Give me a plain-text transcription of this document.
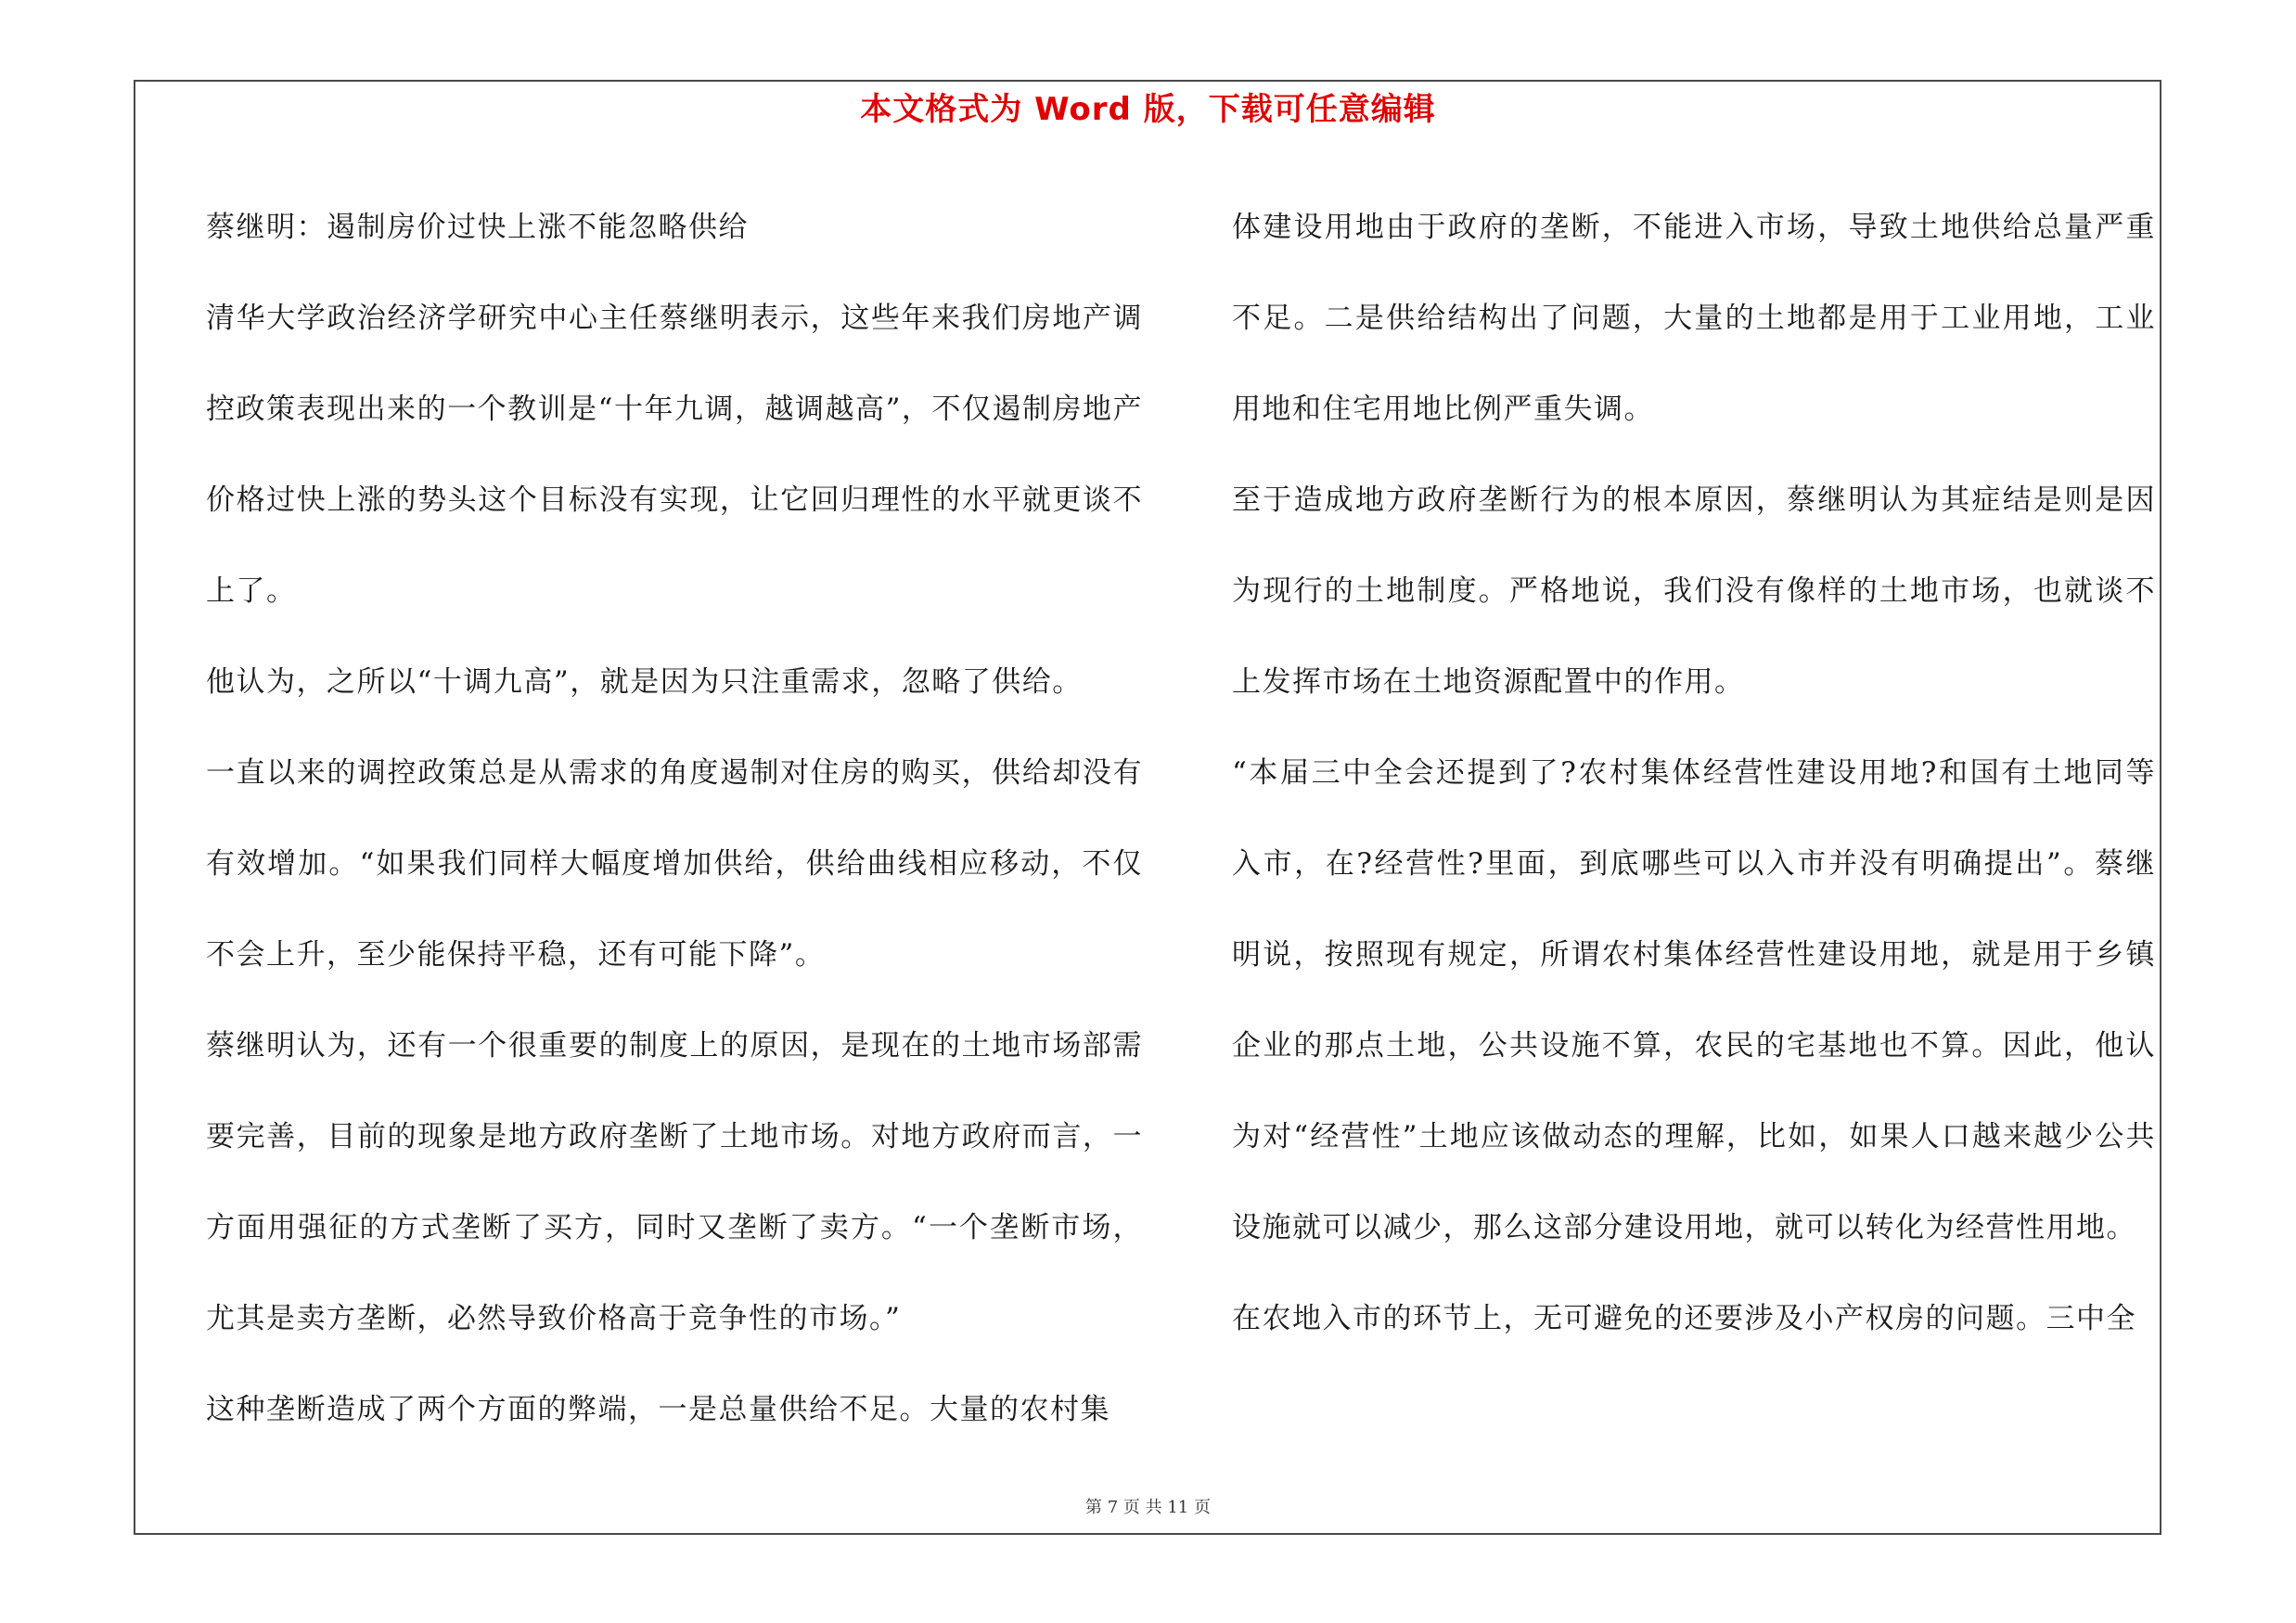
本文格式为 Word 版，下载可任意编辑

蔡继明：遏制房价过快上涨不能忽略供给

清华大学政治经济学研究中心主任蔡继明表示，这些年来我们房地产调控政策表现出来的一个教训是“十年九调，越调越高”，不仅遏制房地产价格过快上涨的势头这个目标没有实现，让它回归理性的水平就更谈不上了。

他认为，之所以“十调九高”，就是因为只注重需求，忽略了供给。

一直以来的调控政策总是从需求的角度遏制对住房的购买，供给却没有有效增加。“如果我们同样大幅度增加供给，供给曲线相应移动，不仅不会上升，至少能保持平稳，还有可能下降”。

蔡继明认为，还有一个很重要的制度上的原因，是现在的土地市场部需要完善，目前的现象是地方政府垄断了土地市场。对地方政府而言，一方面用强征的方式垄断了买方，同时又垄断了卖方。“一个垄断市场，尤其是卖方垄断，必然导致价格高于竞争性的市场。”

这种垄断造成了两个方面的弊端，一是总量供给不足。大量的农村集

体建设用地由于政府的垄断，不能进入市场，导致土地供给总量严重不足。二是供给结构出了问题，大量的土地都是用于工业用地，工业用地和住宅用地比例严重失调。

至于造成地方政府垄断行为的根本原因，蔡继明认为其症结是则是因为现行的土地制度。严格地说，我们没有像样的土地市场，也就谈不上发挥市场在土地资源配置中的作用。

“本届三中全会还提到了?农村集体经营性建设用地?和国有土地同等入市，在?经营性?里面，到底哪些可以入市并没有明确提出”。蔡继明说，按照现有规定，所谓农村集体经营性建设用地，就是用于乡镇企业的那点土地，公共设施不算，农民的宅基地也不算。因此，他认为对“经营性”土地应该做动态的理解，比如，如果人口越来越少公共设施就可以减少，那么这部分建设用地，就可以转化为经营性用地。

在农地入市的环节上，无可避免的还要涉及小产权房的问题。三中全

第 7 页 共 11 页
